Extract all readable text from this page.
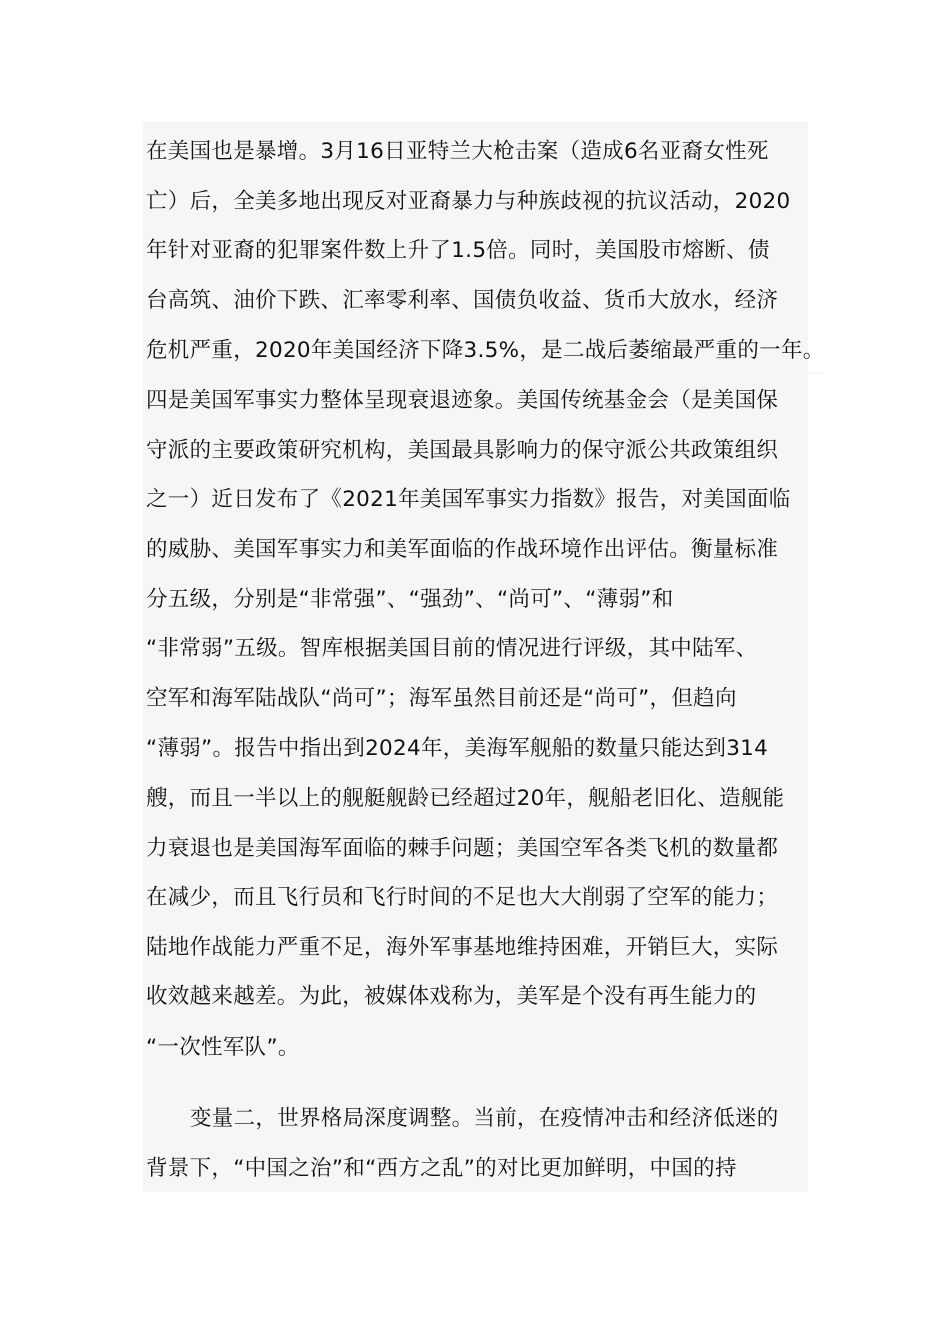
在美国也是暴增。3月16日亚特兰大枪击案（造成6名亚裔女性死
亡）后，全美多地出现反对亚裔暴力与种族歧视的抗议活动，2020
年针对亚裔的犯罪案件数上升了1.5倍。同时，美国股市熔断、债
台高筑、油价下跌、汇率零利率、国债负收益、货币大放水，经济
危机严重，2020年美国经济下降3.5%，是二战后萎缩最严重的一年。
四是美国军事实力整体呈现衰退迹象。美国传统基金会（是美国保
守派的主要政策研究机构，美国最具影响力的保守派公共政策组织
之一）近日发布了《2021年美国军事实力指数》报告，对美国面临
的威胁、美国军事实力和美军面临的作战环境作出评估。衡量标准
分五级，分别是“非常强”、“强劲”、“尚可”、“薄弱”和
“非常弱”五级。智库根据美国目前的情况进行评级，其中陆军、
空军和海军陆战队“尚可”；海军虽然目前还是“尚可”，但趋向
“薄弱”。报告中指出到2024年，美海军舰船的数量只能达到314
艘，而且一半以上的舰艇舰龄已经超过20年，舰船老旧化、造舰能
力衰退也是美国海军面临的棘手问题；美国空军各类飞机的数量都
在减少，而且飞行员和飞行时间的不足也大大削弱了空军的能力；
陆地作战能力严重不足，海外军事基地维持困难，开销巨大，实际
收效越来越差。为此，被媒体戏称为，美军是个没有再生能力的
“一次性军队”。
变量二，世界格局深度调整。当前，在疫情冲击和经济低迷的
背景下，“中国之治”和“西方之乱”的对比更加鲜明，中国的持
